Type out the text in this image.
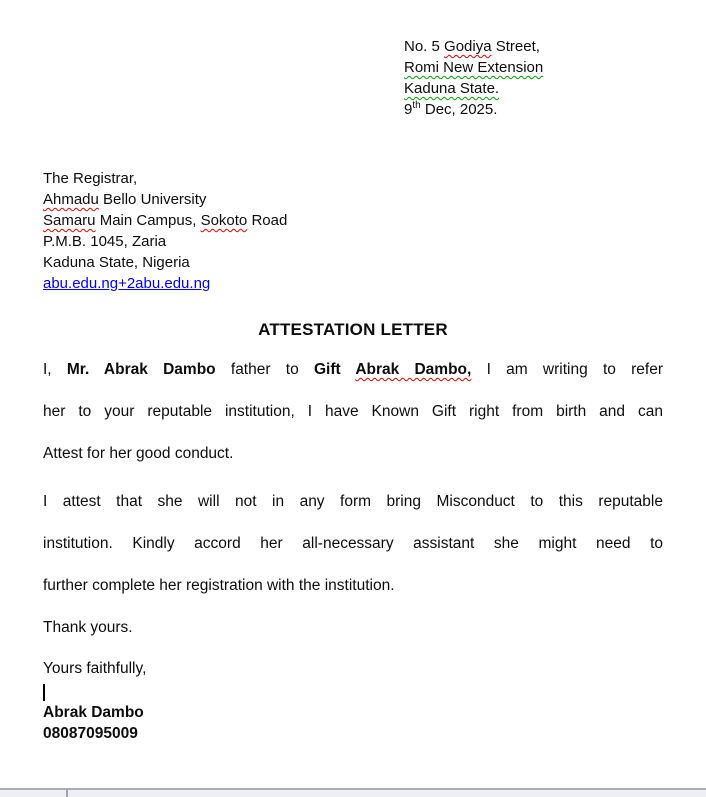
No. 5 Godiya Street,
Romi New Extension
Kaduna State.
9th Dec, 2025.
The Registrar,
Ahmadu Bello University
Samaru Main Campus, Sokoto Road
P.M.B. 1045, Zaria
Kaduna State, Nigeria
abu.edu.ng+2abu.edu.ng
ATTESTATION LETTER
I, Mr. Abrak Dambo father to Gift Abrak Dambo, I am writing to refer
her to your reputable institution, I have Known Gift right from birth and can
Attest for her good conduct.
I attest that she will not in any form bring Misconduct to this reputable
institution. Kindly accord her all-necessary assistant she might need to
further complete her registration with the institution.
Thank yours.
Yours faithfully,
Abrak Dambo
08087095009
